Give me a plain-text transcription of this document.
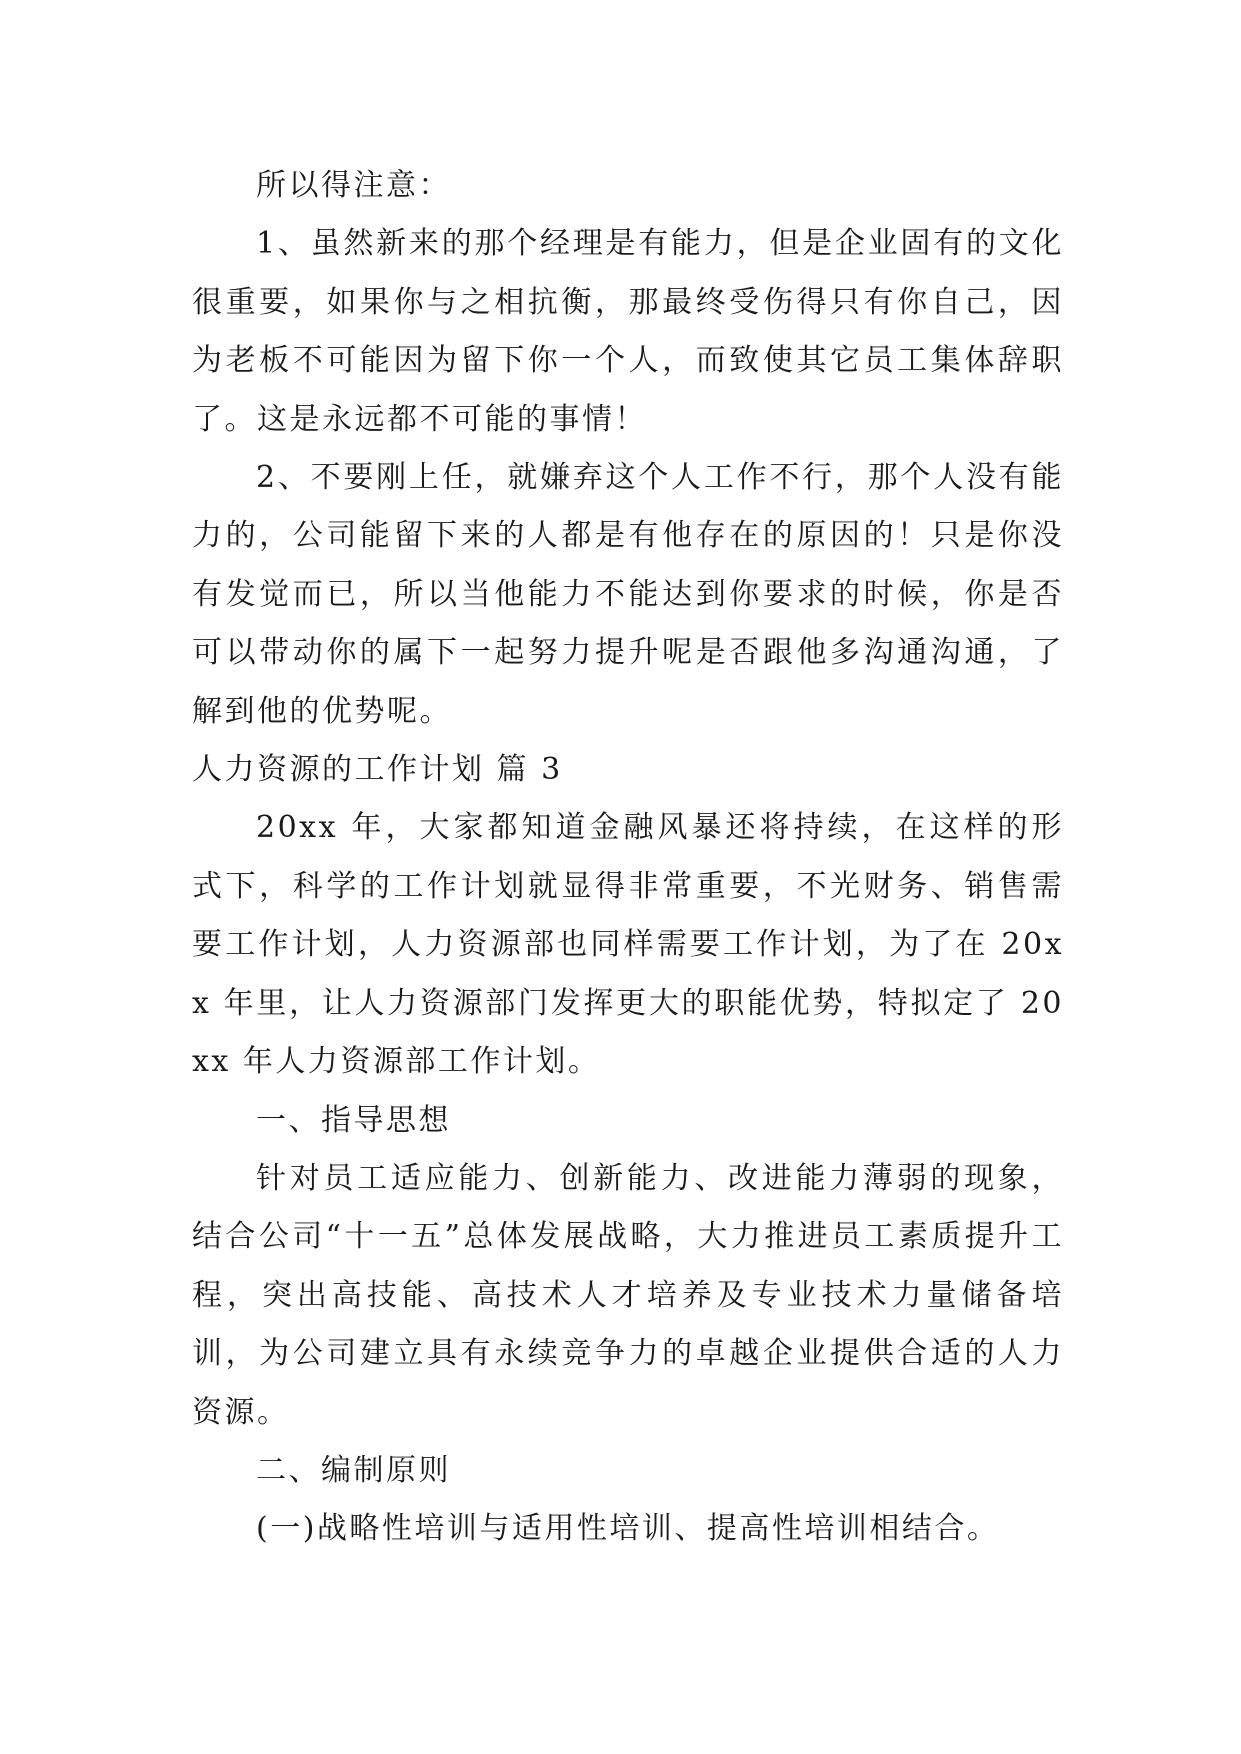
所以得注意：

1、虽然新来的那个经理是有能力，但是企业固有的文化很重要，如果你与之相抗衡，那最终受伤得只有你自己，因为老板不可能因为留下你一个人，而致使其它员工集体辞职了。这是永远都不可能的事情！

2、不要刚上任，就嫌弃这个人工作不行，那个人没有能力的，公司能留下来的人都是有他存在的原因的！只是你没有发觉而已，所以当他能力不能达到你要求的时候，你是否可以带动你的属下一起努力提升呢是否跟他多沟通沟通，了解到他的优势呢。

人力资源的工作计划 篇 3

20xx 年，大家都知道金融风暴还将持续，在这样的形式下，科学的工作计划就显得非常重要，不光财务、销售需要工作计划，人力资源部也同样需要工作计划，为了在 20xx 年里，让人力资源部门发挥更大的职能优势，特拟定了 20xx 年人力资源部工作计划。

一、指导思想

针对员工适应能力、创新能力、改进能力薄弱的现象，结合公司“十一五”总体发展战略，大力推进员工素质提升工程，突出高技能、高技术人才培养及专业技术力量储备培训，为公司建立具有永续竞争力的卓越企业提供合适的人力资源。

二、编制原则

(一)战略性培训与适用性培训、提高性培训相结合。
